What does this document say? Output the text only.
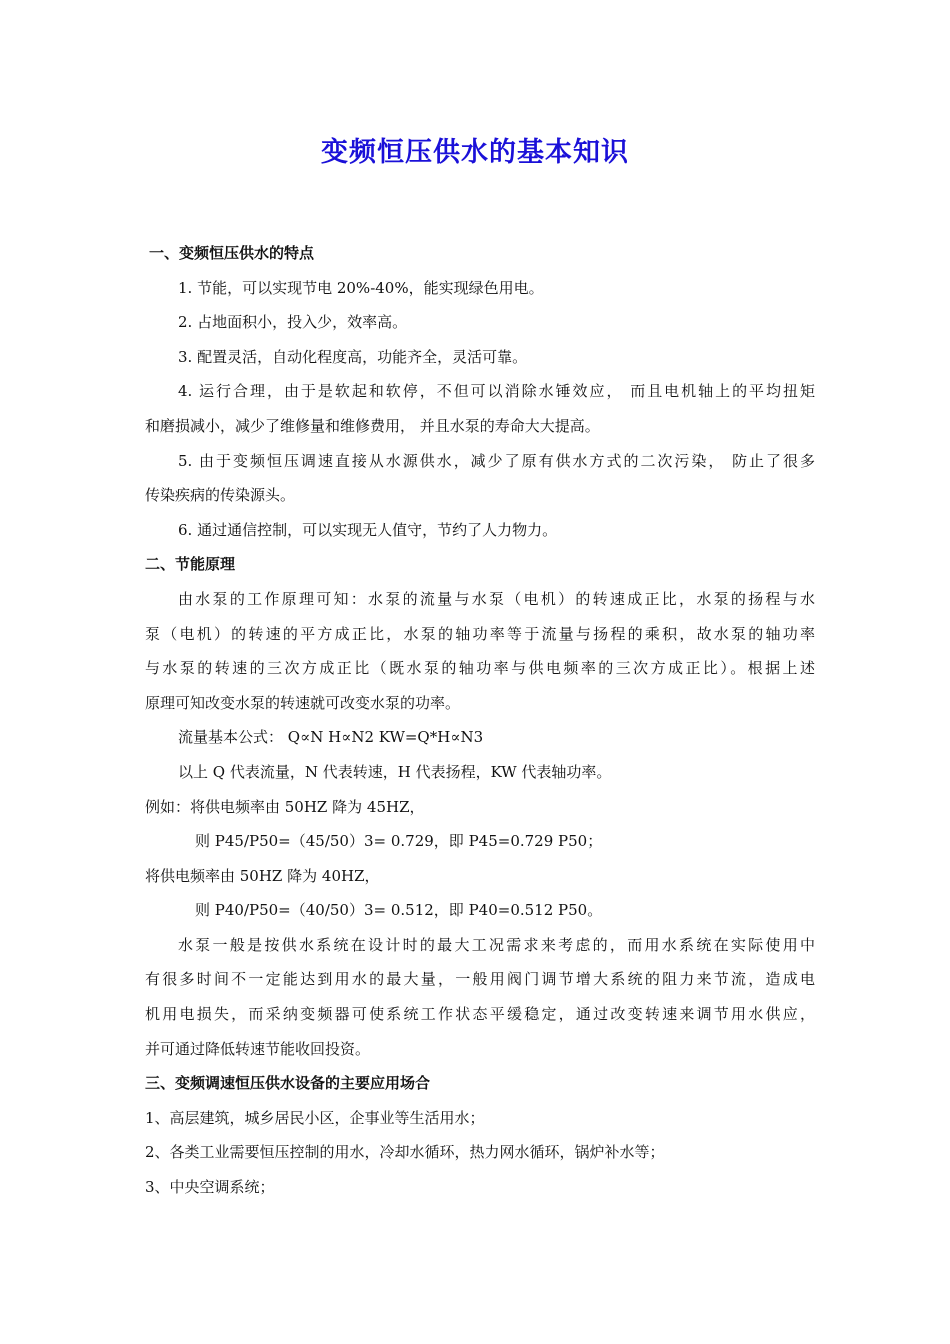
变频恒压供水的基本知识
一、变频恒压供水的特点
1. 节能，可以实现节电 20%-40%，能实现绿色用电。
2. 占地面积小，投入少，效率高。
3. 配置灵活，自动化程度高，功能齐全，灵活可靠。
4. 运行合理，由于是软起和软停，不但可以消除水锤效应， 而且电机轴上的平均扭矩
和磨损减小，减少了维修量和维修费用， 并且水泵的寿命大大提高。
5. 由于变频恒压调速直接从水源供水，减少了原有供水方式的二次污染， 防止了很多
传染疾病的传染源头。
6. 通过通信控制，可以实现无人值守，节约了人力物力。
二、节能原理
由水泵的工作原理可知：水泵的流量与水泵（电机）的转速成正比，水泵的扬程与水
泵（电机）的转速的平方成正比，水泵的轴功率等于流量与扬程的乘积，故水泵的轴功率
与水泵的转速的三次方成正比（既水泵的轴功率与供电频率的三次方成正比）。根据上述
原理可知改变水泵的转速就可改变水泵的功率。
流量基本公式： Q∝N H∝N2 KW=Q*H∝N3
以上 Q 代表流量，N 代表转速，H 代表扬程，KW 代表轴功率。
例如：将供电频率由 50HZ 降为 45HZ，
则 P45/P50=（45/50）3= 0.729，即 P45=0.729 P50；
将供电频率由 50HZ 降为 40HZ，
则 P40/P50=（40/50）3= 0.512，即 P40=0.512 P50。
水泵一般是按供水系统在设计时的最大工况需求来考虑的，而用水系统在实际使用中
有很多时间不一定能达到用水的最大量，一般用阀门调节增大系统的阻力来节流，造成电
机用电损失，而采纳变频器可使系统工作状态平缓稳定，通过改变转速来调节用水供应，
并可通过降低转速节能收回投资。
三、变频调速恒压供水设备的主要应用场合
1、高层建筑，城乡居民小区，企事业等生活用水；
2、各类工业需要恒压控制的用水，冷却水循环，热力网水循环，锅炉补水等；
3、中央空调系统；
